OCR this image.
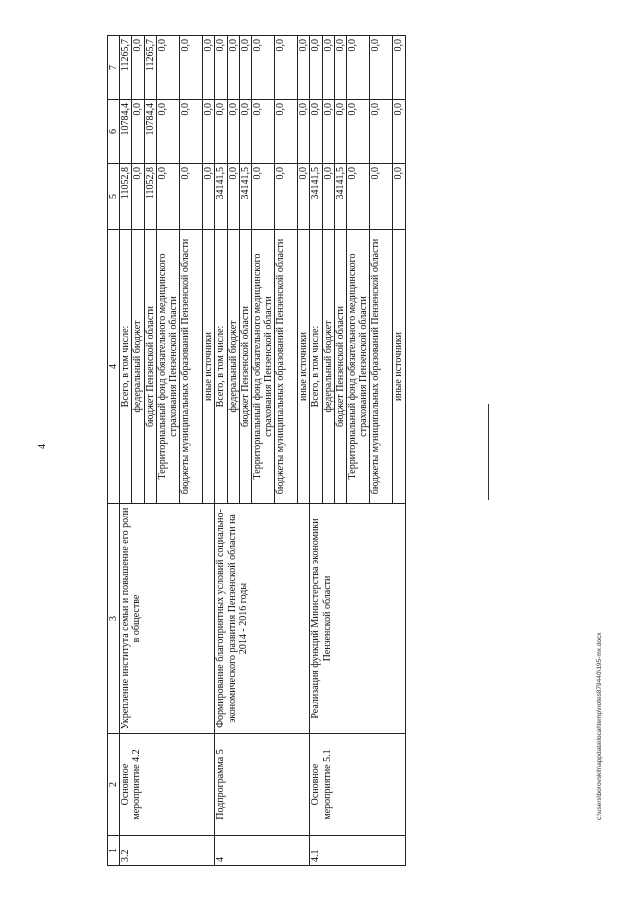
4
1	2	3	4	5	6	7
3.2	Основное мероприятие 4.2	Укрепление института семьи и повышение его роли в обществе	Всего, в том числе:	11052,8	10784,4	11265,7
			федеральный бюджет	0,0	0,0	0,0
			бюджет Пензенской области	11052,8	10784,4	11265,7
			Территориальный фонд обязательного медицинского страхования Пензенской области	0,0	0,0	0,0
			бюджеты муниципальных образований Пензенской области	0,0	0,0	0,0
			иные источники	0,0	0,0	0,0
4	Подпрограмма 5	Формирование благоприятных условий социально-экономического развития Пензенской области на 2014 - 2016 годы	Всего, в том числе:	34141,5	0,0	0,0
			федеральный бюджет	0,0	0,0	0,0
			бюджет Пензенской области	34141,5	0,0	0,0
			Территориальный фонд обязательного медицинского страхования Пензенской области	0,0	0,0	0,0
			бюджеты муниципальных образований Пензенской области	0,0	0,0	0,0
			иные источники	0,0	0,0	0,0
4.1	Основное мероприятие 5.1	Реализация функций Министерства экономики Пензенской области	Всего, в том числе:	34141,5	0,0	0,0
			федеральный бюджет	0,0	0,0	0,0
			бюджет Пензенской области	34141,5	0,0	0,0
			Территориальный фонд обязательного медицинского страхования Пензенской области	0,0	0,0	0,0
			бюджеты муниципальных образований Пензенской области	0,0	0,0	0,0
			иные источники	0,0	0,0	0,0
c:\users\borovskih\appdata\local\temp\notes879440\195-mx.docx
